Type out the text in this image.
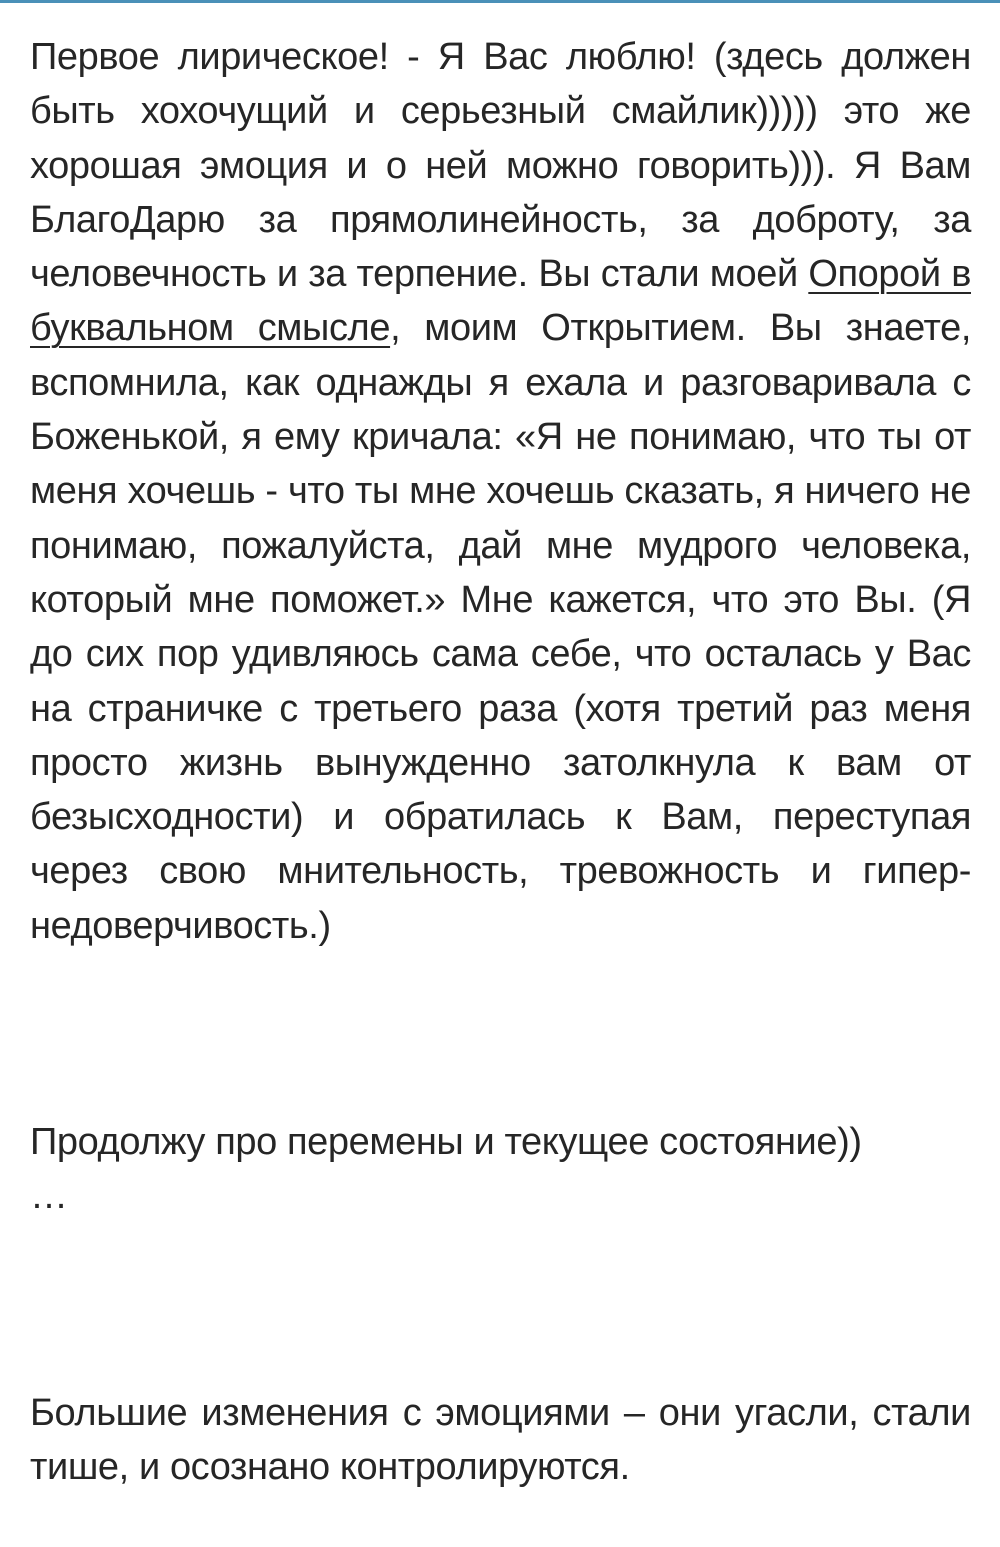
Первое лирическое! - Я Вас люблю! (здесь должен быть хохочущий и серьезный смайлик))))) это же хорошая эмоция и о ней можно говорить))). Я Вам БлагоДарю за прямолинейность, за доброту, за человечность и за терпение. Вы стали моей Опорой в буквальном смысле, моим Открытием. Вы знаете, вспомнила, как однажды я ехала и разговаривала с Боженькой, я ему кричала: «Я не понимаю, что ты от меня хочешь - что ты мне хочешь сказать, я ничего не понимаю, пожалуйста, дай мне мудрого человека, который мне поможет.» Мне кажется, что это Вы. (Я до сих пор удивляюсь сама себе, что осталась у Вас на страничке с третьего раза (хотя третий раз меня просто жизнь вынужденно затолкнула к вам от безысходности) и обратилась к Вам, переступая через свою мнительность, тревожность и гипер-недоверчивость.)

Продолжу про перемены и текущее состояние))

…

Большие изменения с эмоциями – они угасли, стали тише, и осознано контролируются.
